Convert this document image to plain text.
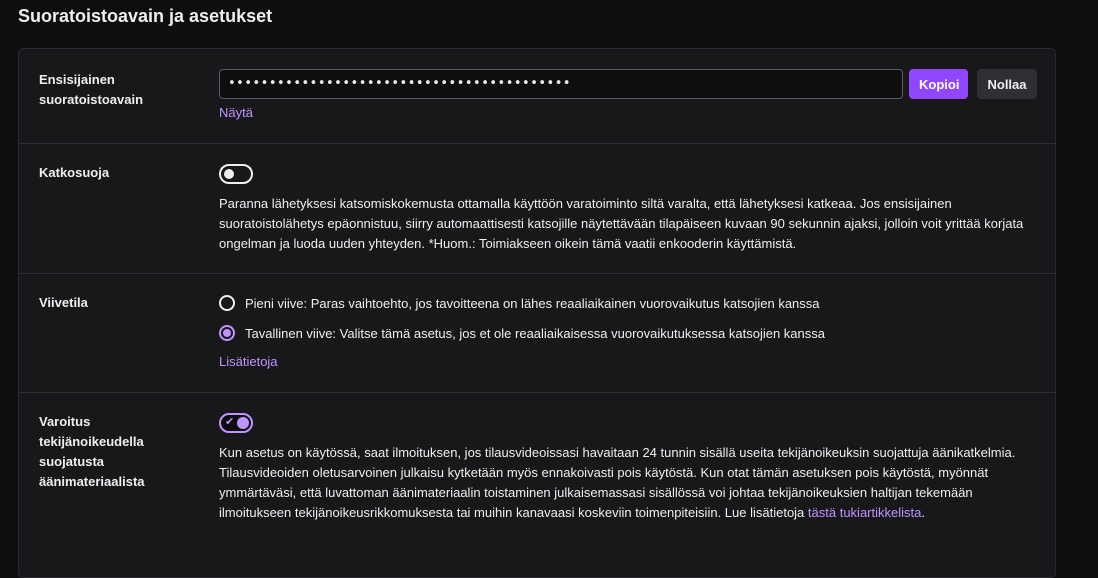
Suoratoistoavain ja asetukset
Ensisijainen suoratoistoavain
••••••••••••••••••••••••••••••••••••••••••	Kopioi	Nollaa
Näytä
Katkosuoja
Paranna lähetyksesi katsomiskokemusta ottamalla käyttöön varatoiminto siltä varalta, että lähetyksesi katkeaa. Jos ensisijainen suoratoistolähetys epäonnistuu, siirry automaattisesti katsojille näytettävään tilapäiseen kuvaan 90 sekunnin ajaksi, jolloin voit yrittää korjata ongelman ja luoda uuden yhteyden. *Huom.: Toimiakseen oikein tämä vaatii enkooderin käyttämistä.
Viivetila	Pieni viive: Paras vaihtoehto, jos tavoitteena on lähes reaaliaikainen vuorovaikutus katsojien kanssa
Tavallinen viive: Valitse tämä asetus, jos et ole reaaliaikaisessa vuorovaikutuksessa katsojien kanssa
Lisätietoja
Varoitus tekijänoikeudella suojatusta äänimateriaalista
✔
Kun asetus on käytössä, saat ilmoituksen, jos tilausvideoissasi havaitaan 24 tunnin sisällä useita tekijänoikeuksin suojattuja äänikatkelmia. Tilausvideoiden oletusarvoinen julkaisu kytketään myös ennakoivasti pois käytöstä. Kun otat tämän asetuksen pois käytöstä, myönnät ymmärtäväsi, että luvattoman äänimateriaalin toistaminen julkaisemassasi sisällössä voi johtaa tekijänoikeuksien haltijan tekemään ilmoitukseen tekijänoikeusrikkomuksesta tai muihin kanavaasi koskeviin toimenpiteisiin. Lue lisätietoja tästä tukiartikkelista.
